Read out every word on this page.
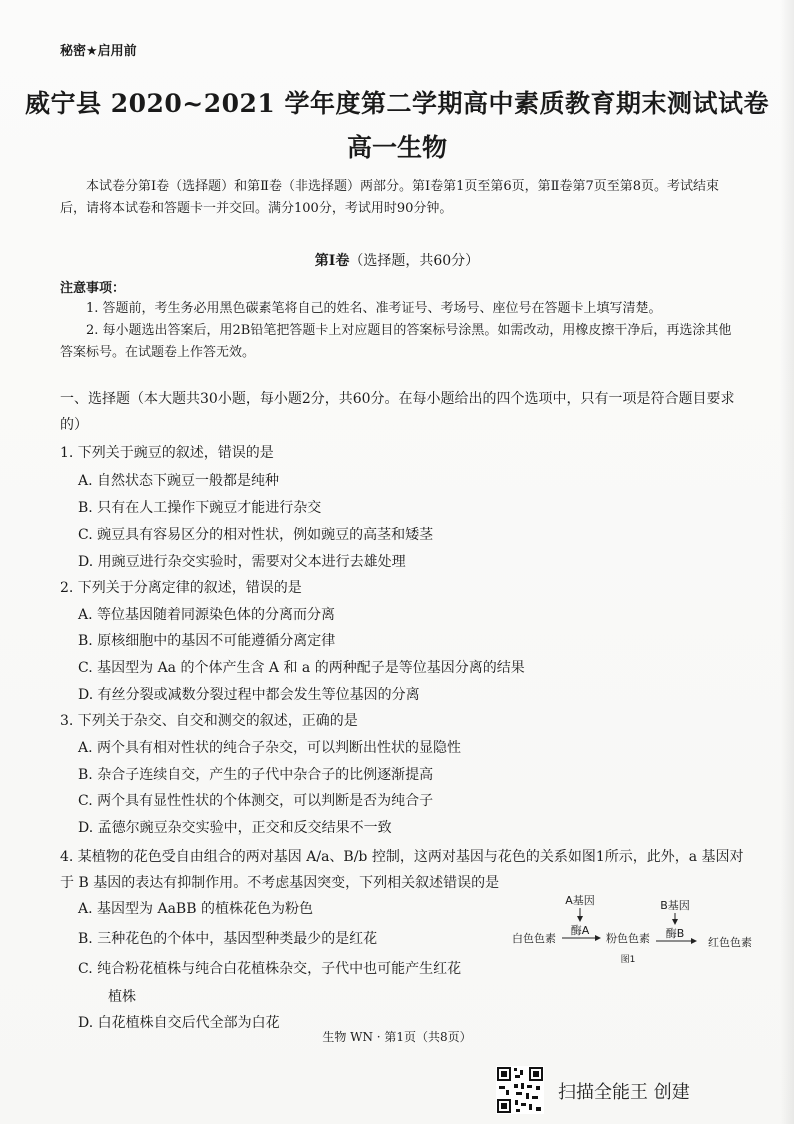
秘密★启用前
威宁县 2020~2021 学年度第二学期高中素质教育期末测试试卷
高一生物
本试卷分第Ⅰ卷（选择题）和第Ⅱ卷（非选择题）两部分。第Ⅰ卷第1页至第6页，第Ⅱ卷第7页至第8页。考试结束后，请将本试卷和答题卡一并交回。满分100分，考试用时90分钟。
第Ⅰ卷（选择题，共60分）
注意事项：
1. 答题前，考生务必用黑色碳素笔将自己的姓名、准考证号、考场号、座位号在答题卡上填写清楚。
2. 每小题选出答案后，用2B铅笔把答题卡上对应题目的答案标号涂黑。如需改动，用橡皮擦干净后，再选涂其他答案标号。在试题卷上作答无效。
一、选择题（本大题共30小题，每小题2分，共60分。在每小题给出的四个选项中，只有一项是符合题目要求的）
1. 下列关于豌豆的叙述，错误的是
A. 自然状态下豌豆一般都是纯种
B. 只有在人工操作下豌豆才能进行杂交
C. 豌豆具有容易区分的相对性状，例如豌豆的高茎和矮茎
D. 用豌豆进行杂交实验时，需要对父本进行去雄处理
2. 下列关于分离定律的叙述，错误的是
A. 等位基因随着同源染色体的分离而分离
B. 原核细胞中的基因不可能遵循分离定律
C. 基因型为 Aa 的个体产生含 A 和 a 的两种配子是等位基因分离的结果
D. 有丝分裂或减数分裂过程中都会发生等位基因的分离
3. 下列关于杂交、自交和测交的叙述，正确的是
A. 两个具有相对性状的纯合子杂交，可以判断出性状的显隐性
B. 杂合子连续自交，产生的子代中杂合子的比例逐渐提高
C. 两个具有显性性状的个体测交，可以判断是否为纯合子
D. 孟德尔豌豆杂交实验中，正交和反交结果不一致
4. 某植物的花色受自由组合的两对基因 A/a、B/b 控制，这两对基因与花色的关系如图1所示，此外，a 基因对于 B 基因的表达有抑制作用。不考虑基因突变，下列相关叙述错误的是
A. 基因型为 AaBB 的植株花色为粉色
B. 三种花色的个体中，基因型种类最少的是红花
C. 纯合粉花植株与纯合白花植株杂交，子代中也可能产生红花
植株
D. 白花植株自交后代全部为白花
A基因	B基因
白色色素
酶A
粉色色素 酶B
红色色素
图1
生物 WN · 第1页（共8页）
扫描全能王 创建
